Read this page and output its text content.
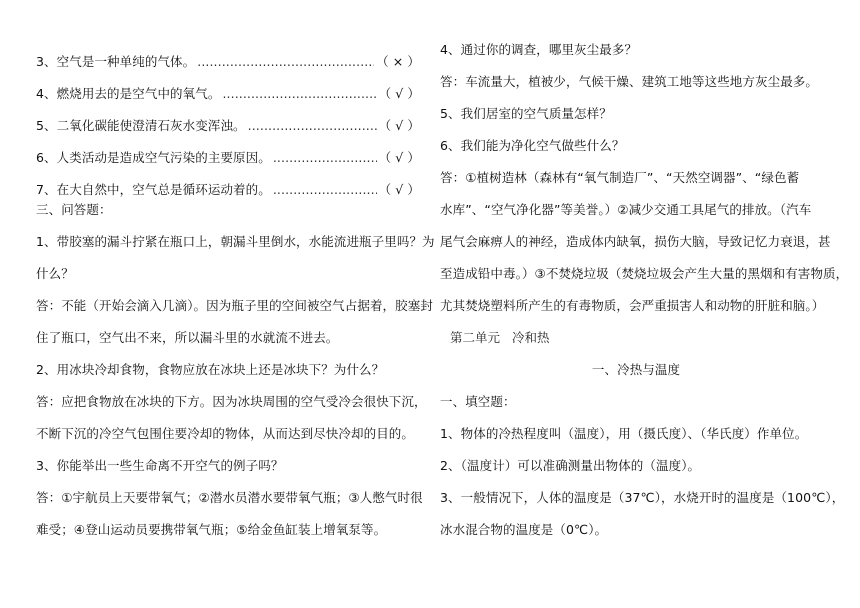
3、空气是一种单纯的气体。 .....	（ × ）
4、燃烧用去的是空气中的氧气。 .....	（ √ ）
5、二氧化碳能使澄清石灰水变浑浊。 .....	（ √ ）
6、人类活动是造成空气污染的主要原因。 .....	（ √ ）
7、在大自然中，空气总是循环运动着的。 .....	（ √ ）
三、问答题：
1、带胶塞的漏斗拧紧在瓶口上，朝漏斗里倒水，水能流进瓶子里吗？为
什么？
答：不能（开始会滴入几滴）。因为瓶子里的空间被空气占据着，胶塞封
住了瓶口，空气出不来，所以漏斗里的水就流不进去。
2、用冰块冷却食物，食物应放在冰块上还是冰块下？为什么？
答：应把食物放在冰块的下方。因为冰块周围的空气受冷会很快下沉，
不断下沉的冷空气包围住要冷却的物体，从而达到尽快冷却的目的。
3、你能举出一些生命离不开空气的例子吗？
答：①宇航员上天要带氧气；②潜水员潜水要带氧气瓶；③人憋气时很
难受；④登山运动员要携带氧气瓶；⑤给金鱼缸装上增氧泵等。
4、通过你的调查，哪里灰尘最多？
答：车流量大，植被少，气候干燥、建筑工地等这些地方灰尘最多。
5、我们居室的空气质量怎样？
6、我们能为净化空气做些什么？
答：①植树造林（森林有“氧气制造厂”、“天然空调器”、“绿色蓄
水库”、“空气净化器”等美誉。）②减少交通工具尾气的排放。（汽车
尾气会麻痹人的神经，造成体内缺氧，损伤大脑，导致记忆力衰退，甚
至造成铅中毒。）③不焚烧垃圾（焚烧垃圾会产生大量的黑烟和有害物质，
尤其焚烧塑料所产生的有毒物质，会严重损害人和动物的肝脏和脑。）
第二单元 冷和热
一、冷热与温度
一、填空题：
1、物体的冷热程度叫（温度），用（摄氏度）、（华氏度）作单位。
2、（温度计）可以准确测量出物体的（温度）。
3、一般情况下，人体的温度是（37℃），水烧开时的温度是（100℃），
冰水混合物的温度是（0℃）。
